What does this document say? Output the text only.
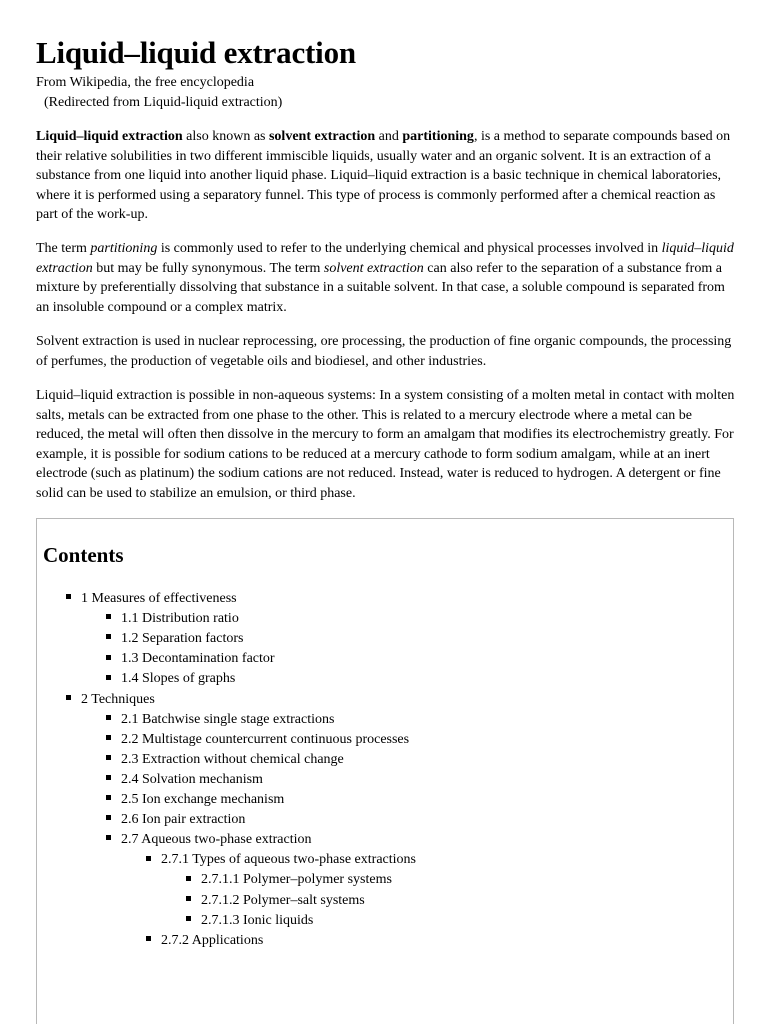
Liquid–liquid extraction
From Wikipedia, the free encyclopedia
(Redirected from Liquid-liquid extraction)

Liquid–liquid extraction also known as solvent extraction and partitioning, is a method to separate compounds based on their relative solubilities in two different immiscible liquids, usually water and an organic solvent. It is an extraction of a substance from one liquid into another liquid phase. Liquid–liquid extraction is a basic technique in chemical laboratories, where it is performed using a separatory funnel. This type of process is commonly performed after a chemical reaction as part of the work-up.

The term partitioning is commonly used to refer to the underlying chemical and physical processes involved in liquid–liquid extraction but may be fully synonymous. The term solvent extraction can also refer to the separation of a substance from a mixture by preferentially dissolving that substance in a suitable solvent. In that case, a soluble compound is separated from an insoluble compound or a complex matrix.

Solvent extraction is used in nuclear reprocessing, ore processing, the production of fine organic compounds, the processing of perfumes, the production of vegetable oils and biodiesel, and other industries.

Liquid–liquid extraction is possible in non-aqueous systems: In a system consisting of a molten metal in contact with molten salts, metals can be extracted from one phase to the other. This is related to a mercury electrode where a metal can be reduced, the metal will often then dissolve in the mercury to form an amalgam that modifies its electrochemistry greatly. For example, it is possible for sodium cations to be reduced at a mercury cathode to form sodium amalgam, while at an inert electrode (such as platinum) the sodium cations are not reduced. Instead, water is reduced to hydrogen. A detergent or fine solid can be used to stabilize an emulsion, or third phase.

Contents
1 Measures of effectiveness
1.1 Distribution ratio
1.2 Separation factors
1.3 Decontamination factor
1.4 Slopes of graphs
2 Techniques
2.1 Batchwise single stage extractions
2.2 Multistage countercurrent continuous processes
2.3 Extraction without chemical change
2.4 Solvation mechanism
2.5 Ion exchange mechanism
2.6 Ion pair extraction
2.7 Aqueous two-phase extraction
2.7.1 Types of aqueous two-phase extractions
2.7.1.1 Polymer–polymer systems
2.7.1.2 Polymer–salt systems
2.7.1.3 Ionic liquids
2.7.2 Applications
